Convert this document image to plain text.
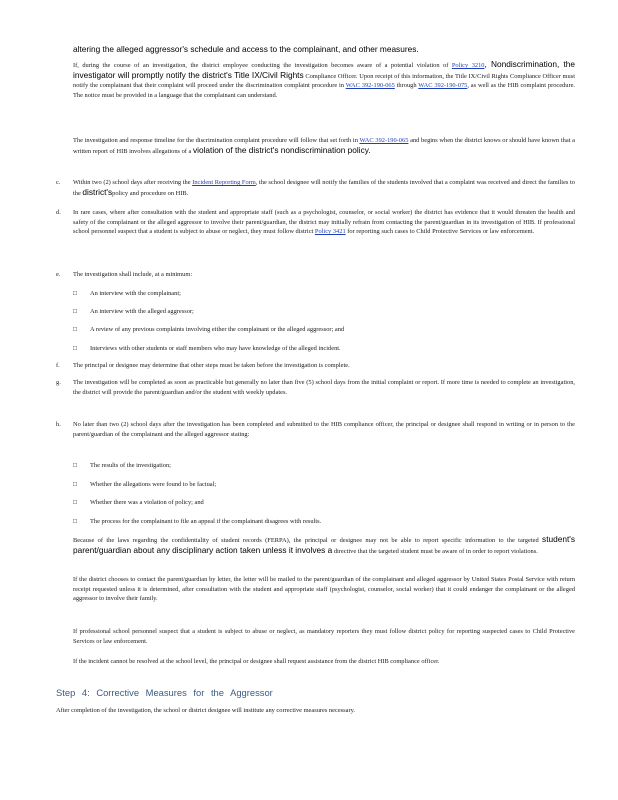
altering the alleged aggressor's schedule and access to the complainant, and other measures.
If, during the course of an investigation, the district employee conducting the investigation becomes aware of a potential violation of Policy 3210, Nondiscrimination, the investigator will promptly notify the district's Title IX/Civil Rights Compliance Officer. Upon receipt of this information, the Title IX/Civil Rights Compliance Officer must notify the complainant that their complaint will proceed under the discrimination complaint procedure in WAC 392-190-065 through WAC 392-190-075, as well as the HIB complaint procedure. The notice must be provided in a language that the complainant can understand.
The investigation and response timeline for the discrimination complaint procedure will follow that set forth in WAC 392-190-065 and begins when the district knows or should have known that a written report of HIB involves allegations of a violation of the district's nondiscrimination policy.
c. Within two (2) school days after receiving the Incident Reporting Form, the school designee will notify the families of the students involved that a complaint was received and direct the families to the district'spolicy and procedure on HIB.
d. In rare cases, where after consultation with the student and appropriate staff (such as a psychologist, counselor, or social worker) the district has evidence that it would threaten the health and safety of the complainant or the alleged aggressor to involve their parent/guardian, the district may initially refrain from contacting the parent/guardian in its investigation of HIB. If professional school personnel suspect that a student is subject to abuse or neglect, they must follow district Policy 3421 for reporting such cases to Child Protective Services or law enforcement.
e. The investigation shall include, at a minimum:
□ An interview with the complainant;
□ An interview with the alleged aggressor;
□ A review of any previous complaints involving either the complainant or the alleged aggressor; and
□ Interviews with other students or staff members who may have knowledge of the alleged incident.
f. The principal or designee may determine that other steps must be taken before the investigation is complete.
g. The investigation will be completed as soon as practicable but generally no later than five (5) school days from the initial complaint or report. If more time is needed to complete an investigation, the district will provide the parent/guardian and/or the student with weekly updates.
h. No later than two (2) school days after the investigation has been completed and submitted to the HIB compliance officer, the principal or designee shall respond in writing or in person to the parent/guardian of the complainant and the alleged aggressor stating:
□ The results of the investigation;
□ Whether the allegations were found to be factual;
□ Whether there was a violation of policy; and
□ The process for the complainant to file an appeal if the complainant disagrees with results.
Because of the laws regarding the confidentiality of student records (FERPA), the principal or designee may not be able to report specific information to the targeted student's parent/guardian about any disciplinary action taken unless it involves a directive that the targeted student must be aware of in order to report violations.
If the district chooses to contact the parent/guardian by letter, the letter will be mailed to the parent/guardian of the complainant and alleged aggressor by United States Postal Service with return receipt requested unless it is determined, after consultation with the student and appropriate staff (psychologist, counselor, social worker) that it could endanger the complainant or the alleged aggressor to involve their family.
If professional school personnel suspect that a student is subject to abuse or neglect, as mandatory reporters they must follow district policy for reporting suspected cases to Child Protective Services or law enforcement.
If the incident cannot be resolved at the school level, the principal or designee shall request assistance from the district HIB compliance officer.
Step 4: Corrective Measures for the Aggressor
After completion of the investigation, the school or district designee will institute any corrective measures necessary.
